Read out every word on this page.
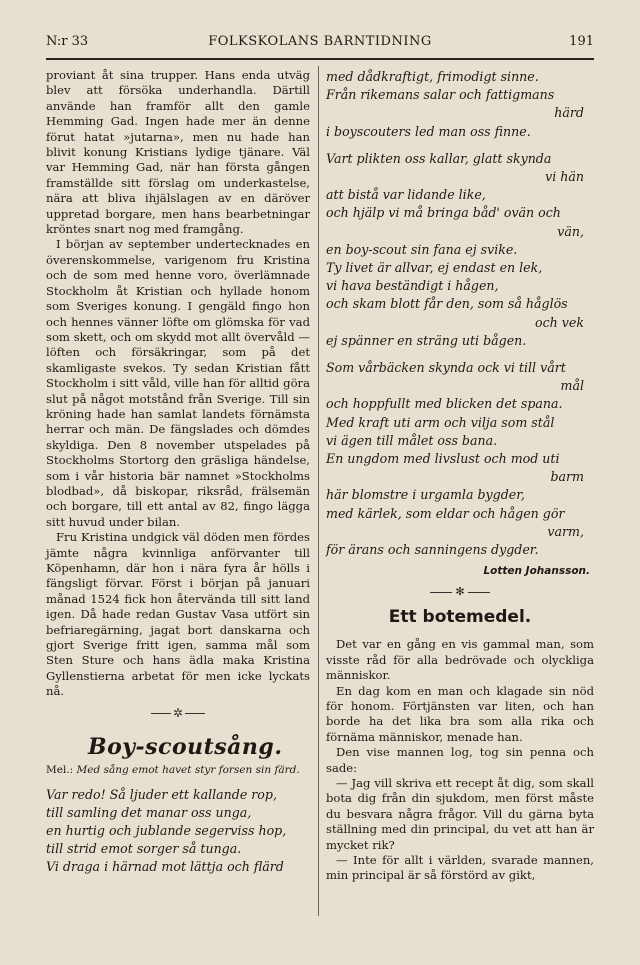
N:r 33	FOLKSKOLANS BARNTIDNING	191

proviant åt sina trupper. Hans enda utväg blev att försöka underhandla. Därtill använde han framför allt den gamle Hemming Gad. Ingen hade mer än denne förut hatat »jutarna», men nu hade han blivit konung Kristians lydige tjänare. Väl var Hemming Gad, när han första gången framställde sitt förslag om underkastelse, nära att bliva ihjälslagen av en däröver uppretad borgare, men hans bearbetningar kröntes snart nog med framgång.

I början av september undertecknades en överenskommelse, varigenom fru Kristina och de som med henne voro, överlämnade Stockholm åt Kristian och hyllade honom som Sveriges konung. I gengäld fingo hon och hennes vänner löfte om glömska för vad som skett, och om skydd mot allt övervåld — löften och försäkringar, som på det skamligaste svekos. Ty sedan Kristian fått Stockholm i sitt våld, ville han för alltid göra slut på något motstånd från Sverige. Till sin kröning hade han samlat landets förnämsta herrar och män. De fängslades och dömdes skyldiga. Den 8 november utspelades på Stockholms Stortorg den gräsliga händelse, som i vår historia bär namnet »Stockholms blodbad», då biskopar, riksråd, frälsemän och borgare, till ett antal av 82, fingo lägga sitt huvud under bilan.

Fru Kristina undgick väl döden men fördes jämte några kvinnliga anförvanter till Köpenhamn, där hon i nära fyra år hölls i fängsligt förvar. Först i början på januari månad 1524 fick hon återvända till sitt land igen. Då hade redan Gustav Vasa utfört sin befriaregärning, jagat bort danskarna och gjort Sverige fritt igen, samma mål som Sten Sture och hans ädla maka Kristina Gyllenstierna arbetat för men icke lyckats nå.

✲
Boy-scoutsång.
Mel.: Med sång emot havet styr forsen sin färd.
Var redo! Så ljuder ett kallande rop,
till samling det manar oss unga,
en hurtig och jublande segerviss hop,
till strid emot sorger så tunga.
Vi draga i härnad mot lättja och flärd
med dådkraftigt, frimodigt sinne.
Från rikemans salar och fattigmans
härd
i boyscouters led man oss finne.
Vart plikten oss kallar, glatt skynda
vi hän
att bistå var lidande like,
och hjälp vi må bringa båd' ovän och
vän,
en boy-scout sin fana ej svike.
Ty livet är allvar, ej endast en lek,
vi hava beständigt i hågen,
och skam blott får den, som så håglös
och vek
ej spänner en sträng uti bågen.
Som vårbäcken skynda ock vi till vårt
mål
och hoppfullt med blicken det spana.
Med kraft uti arm och vilja som stål
vi ägen till målet oss bana.
En ungdom med livslust och mod uti
barm
här blomstre i urgamla bygder,
med kärlek, som eldar och hågen gör
varm,
för ärans och sanningens dygder.
Lotten Johansson.
✻
Ett botemedel.

Det var en gång en vis gammal man, som visste råd för alla bedrövade och olyckliga människor.

En dag kom en man och klagade sin nöd för honom. Förtjänsten var liten, och han borde ha det lika bra som alla rika och förnäma människor, menade han.

Den vise mannen log, tog sin penna och sade:

— Jag vill skriva ett recept åt dig, som skall bota dig från din sjukdom, men först måste du besvara några frågor. Vill du gärna byta ställning med din principal, du vet att han är mycket rik?

— Inte för allt i världen, svarade mannen, min principal är så förstörd av gikt,
